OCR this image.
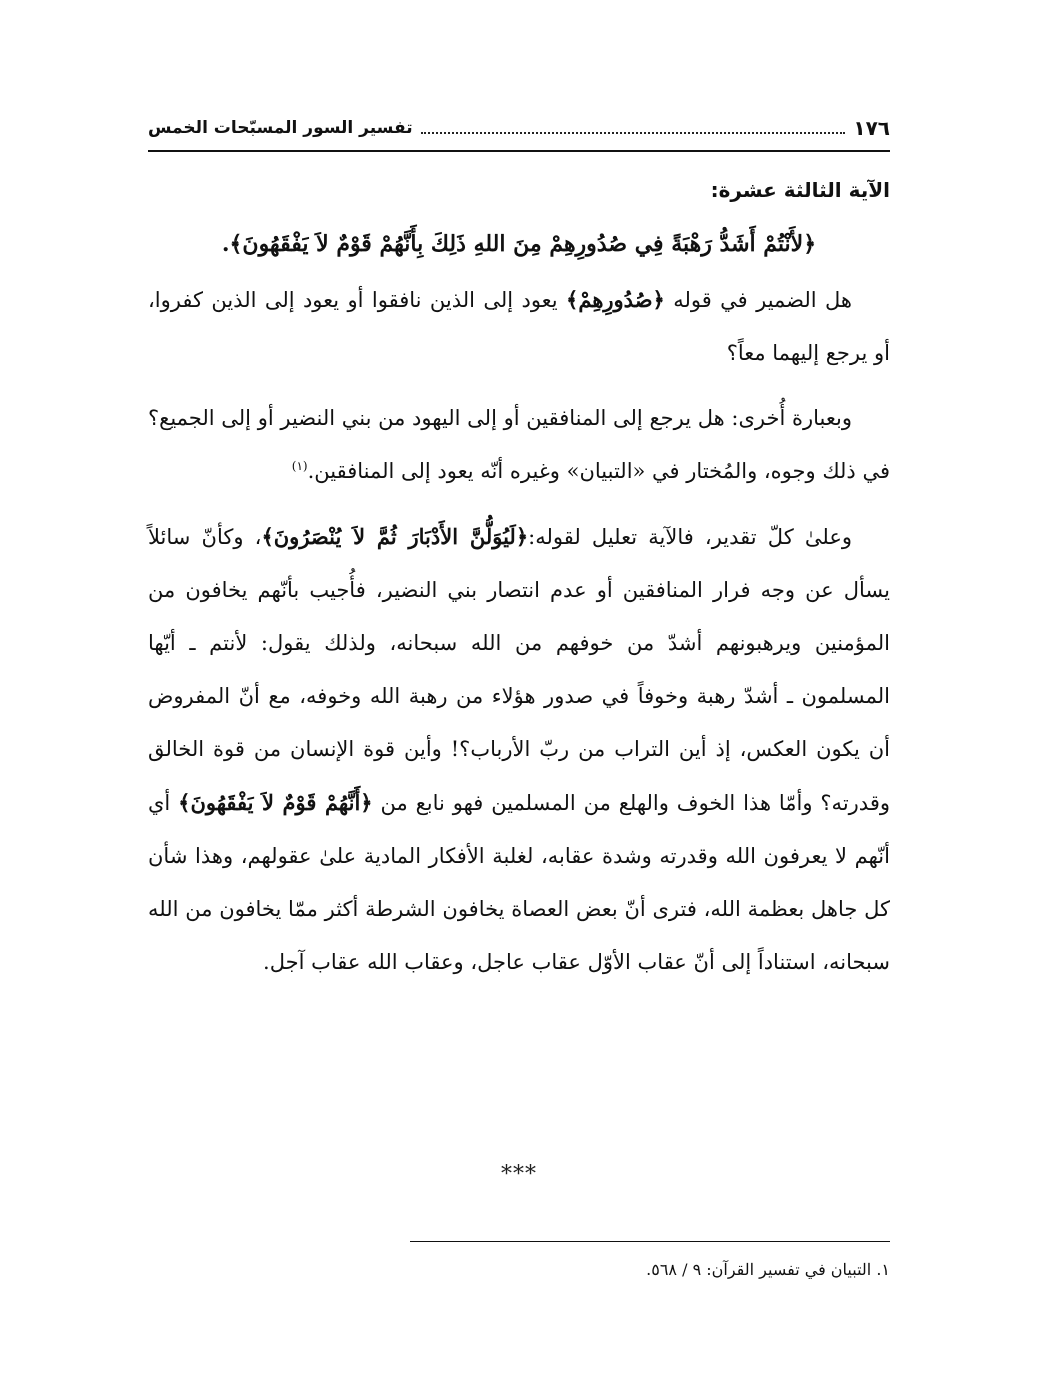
١٧٦
تفسير السور المسبّحات الخمس

الآية الثالثة عشرة:

﴿لأَنْتُمْ أَشَدُّ رَهْبَةً فِي صُدُورِهِمْ مِنَ اللهِ ذَلِكَ بِأَنَّهُمْ قَوْمٌ لاَ يَفْقَهُونَ﴾.

هل الضمير في قوله ﴿صُدُورِهِمْ﴾ يعود إلى الذين نافقوا أو يعود إلى الذين كفروا، أو يرجع إليهما معاً؟

وبعبارة أُخرى: هل يرجع إلى المنافقين أو إلى اليهود من بني النضير أو إلى الجميع؟ في ذلك وجوه، والمُختار في «التبيان» وغيره أنّه يعود إلى المنافقين.$^{(١)}$

وعلىٰ كلّ تقدير، فالآية تعليل لقوله:﴿لَيُوَلُّنَّ الأَدْبَارَ ثُمَّ لاَ يُنْصَرُونَ﴾، وكأنّ سائلاً يسأل عن وجه فرار المنافقين أو عدم انتصار بني النضير، فأُجيب بأنّهم يخافون من المؤمنين ويرهبونهم أشدّ من خوفهم من الله سبحانه، ولذلك يقول: لأنتم ـ أيّها المسلمون ـ أشدّ رهبة وخوفاً في صدور هؤلاء من رهبة الله وخوفه، مع أنّ المفروض أن يكون العكس، إذ أين التراب من ربّ الأرباب؟! وأين قوة الإنسان من قوة الخالق وقدرته؟ وأمّا هذا الخوف والهلع من المسلمين فهو نابع من ﴿أَنَّهُمْ قَوْمٌ لاَ يَفْقَهُونَ﴾ أي أنّهم لا يعرفون الله وقدرته وشدة عقابه، لغلبة الأفكار المادية علىٰ عقولهم، وهذا شأن كل جاهل بعظمة الله، فترى أنّ بعض العصاة يخافون الشرطة أكثر ممّا يخافون من الله سبحانه، استناداً إلى أنّ عقاب الأوّل عقاب عاجل، وعقاب الله عقاب آجل.

***
١. التبيان في تفسير القرآن: ٩ / ٥٦٨.
